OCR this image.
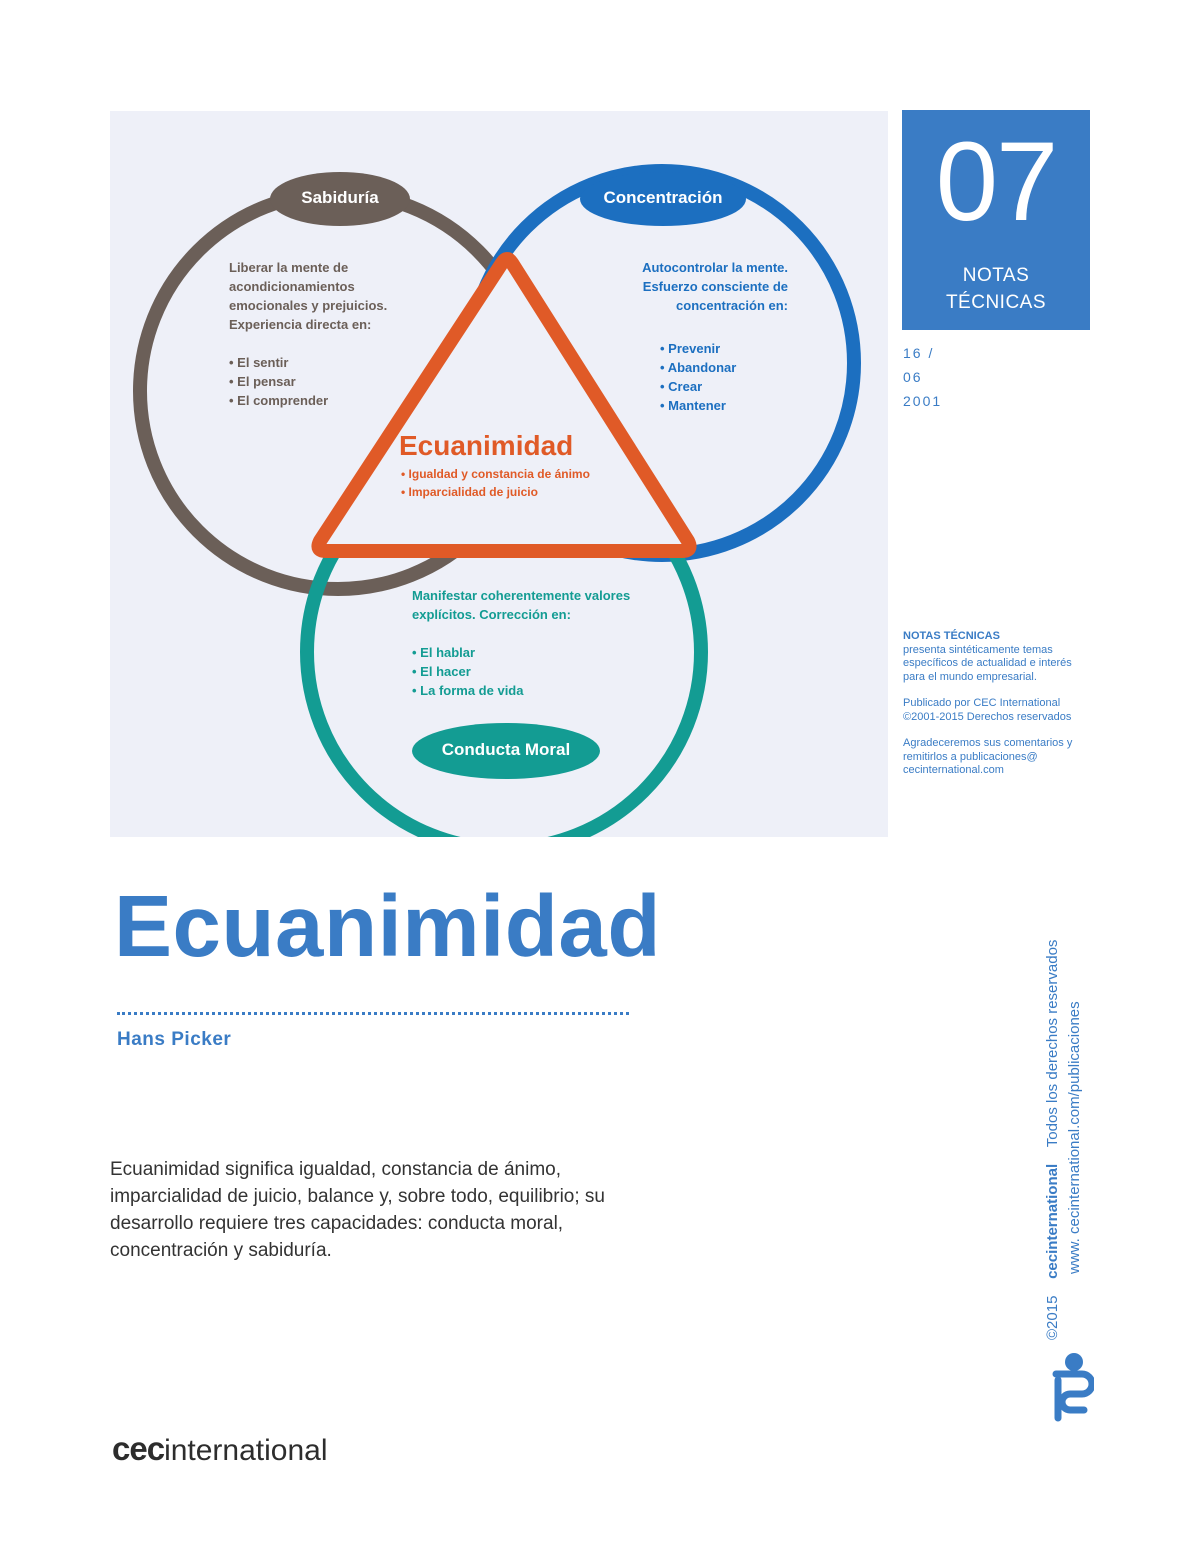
Sabiduría	Concentración
Conducta Moral
Liberar la mente de acondicionamientos emocionales y prejuicios. Experiencia directa en:
• El sentir
• El pensar
• El comprender
Autocontrolar la mente. Esfuerzo consciente de concentración en:
• Prevenir
• Abandonar
• Crear
• Mantener
Manifestar coherentemente valores explícitos. Corrección en:
• El hablar
• El hacer
• La forma de vida
Ecuanimidad
• Igualdad y constancia de ánimo
• Imparcialidad de juicio
07
NOTAS
TÉCNICAS
16 /
06
2001

NOTAS TÉCNICAS
presenta sintéticamente temas específicos de actualidad e interés para el mundo empresarial.

Publicado por CEC International ©2001-2015 Derechos reservados

Agradeceremos sus comentarios y remitirlos a publicaciones@ cecinternational.com

Ecuanimidad
Hans Picker

Ecuanimidad significa igualdad, constancia de ánimo, imparcialidad de juicio, balance y, sobre todo, equilibrio; su desarrollo requiere tres capacidades: conducta moral, concentración y sabiduría.

cecinternational
©2015    cecinternational    Todos los derechos reservados www. cecinternational.com/publicaciones
